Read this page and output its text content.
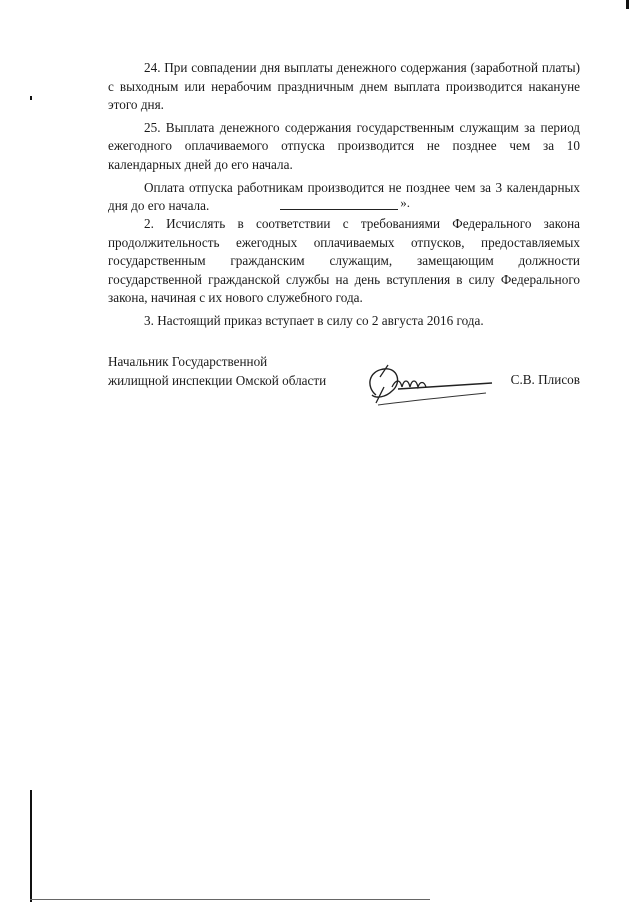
24. При совпадении дня выплаты денежного содержания (заработной платы) с выходным или нерабочим праздничным днем выплата производится накануне этого дня.

25. Выплата денежного содержания государственным служащим за период ежегодного оплачиваемого отпуска производится не позднее чем за 10 календарных дней до его начала.

Оплата отпуска работникам производится не позднее чем за 3 календарных дня до его начала.	».

2. Исчислять в соответствии с требованиями Федерального закона продолжительность ежегодных оплачиваемых отпусков, предоставляемых государственным гражданским служащим, замещающим должности государственной гражданской службы на день вступления в силу Федерального закона, начиная с их нового служебного года.

3. Настоящий приказ вступает в силу со 2 августа 2016 года.

Начальник Государственной
жилищной инспекции Омской области	С.В. Плисов
